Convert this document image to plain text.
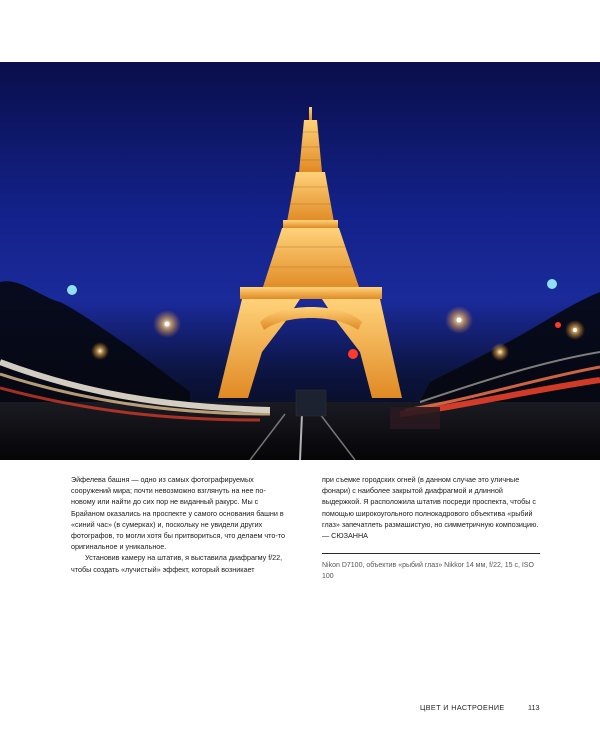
Эйфелева башня — одно из самых фотографируемых сооружений мира; почти невозможно взглянуть на нее по-новому или найти до сих пор не виданный ракурс. Мы с Брайаном оказались на проспекте у самого основания башни в «синий час» (в сумерках) и, поскольку не увидели других фотографов, то могли хотя бы притвориться, что делаем что-то оригинальное и уникальное.

Установив камеру на штатив, я выставила диафрагму f/22, чтобы создать «лучистый» эффект, который возникает

при съемке городских огней (в данном случае это уличные фонари) с наиболее закрытой диафрагмой и длинной выдержкой. Я расположила штатив посреди проспекта, чтобы с помощью широкоугольного полнокадрового объектива «рыбий глаз» запечатлеть размашистую, но симметричную композицию. — СЮЗАННА

Nikon D7100, объектив «рыбий глаз» Nikkor 14 мм, f/22, 15 с, ISO 100
ЦВЕТ И НАСТРОЕНИЕ	113
